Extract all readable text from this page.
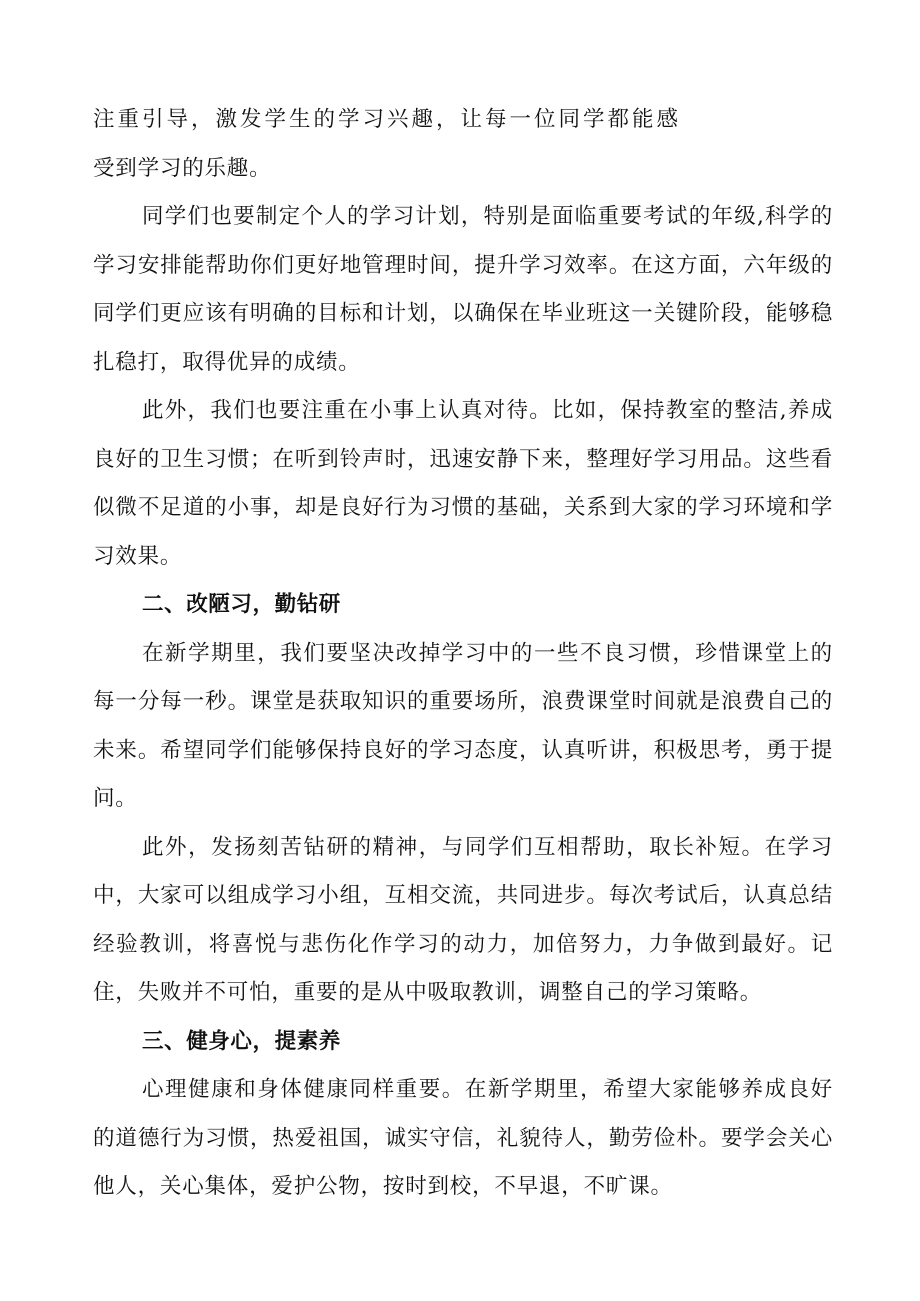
注重引导，激发学生的学习兴趣，让每一位同学都能感
受到学习的乐趣。

同学们也要制定个人的学习计划，特别是面临重要考试的年级,科学的学习安排能帮助你们更好地管理时间，提升学习效率。在这方面，六年级的同学们更应该有明确的目标和计划，以确保在毕业班这一关键阶段，能够稳扎稳打，取得优异的成绩。

此外，我们也要注重在小事上认真对待。比如，保持教室的整洁,养成良好的卫生习惯；在听到铃声时，迅速安静下来，整理好学习用品。这些看似微不足道的小事，却是良好行为习惯的基础，关系到大家的学习环境和学习效果。

二、改陋习，勤钻研

在新学期里，我们要坚决改掉学习中的一些不良习惯，珍惜课堂上的每一分每一秒。课堂是获取知识的重要场所，浪费课堂时间就是浪费自己的未来。希望同学们能够保持良好的学习态度，认真听讲，积极思考，勇于提问。

此外，发扬刻苦钻研的精神，与同学们互相帮助，取长补短。在学习中，大家可以组成学习小组，互相交流，共同进步。每次考试后，认真总结经验教训，将喜悦与悲伤化作学习的动力，加倍努力，力争做到最好。记住，失败并不可怕，重要的是从中吸取教训，调整自己的学习策略。

三、健身心，提素养

心理健康和身体健康同样重要。在新学期里，希望大家能够养成良好的道德行为习惯，热爱祖国，诚实守信，礼貌待人，勤劳俭朴。要学会关心他人，关心集体，爱护公物，按时到校，不早退，不旷课。
